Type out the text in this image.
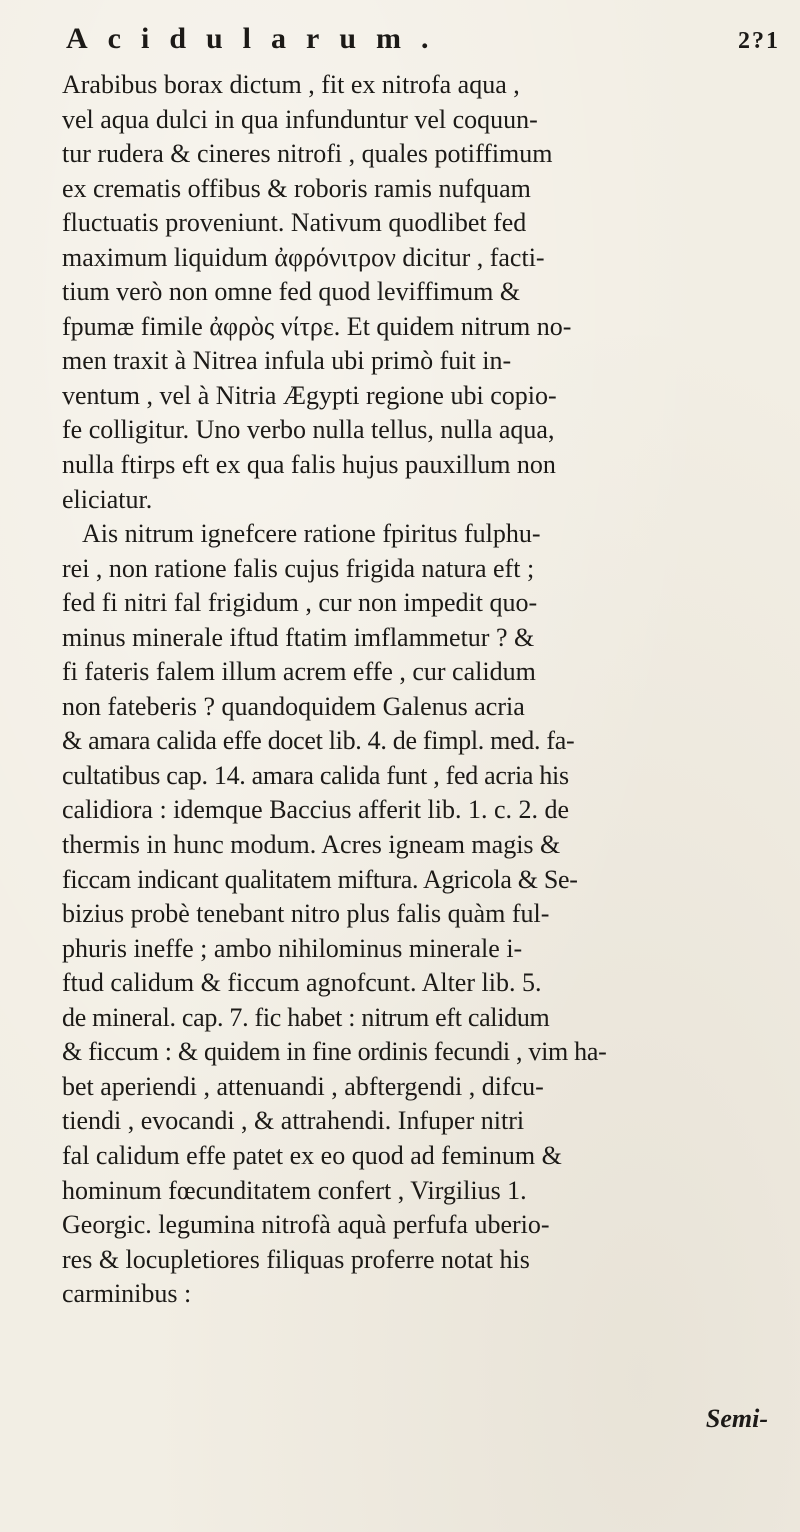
Acidularum.	2?1
Arabibus borax dictum , fit ex nitrofa aqua ,
vel aqua dulci in qua infunduntur vel coquun-
tur rudera & cineres nitrofi , quales potiffimum
ex crematis offibus & roboris ramis nufquam
fluctuatis proveniunt. Nativum quodlibet fed
maximum liquidum ἀφρόνιτρον dicitur , facti-
tium verò non omne fed quod leviffimum &
fpumæ fimile ἀφρὸς νίτρε. Et quidem nitrum no-
men traxit à Nitrea infula ubi primò fuit in-
ventum , vel à Nitria Ægypti regione ubi copio-
fe colligitur. Uno verbo nulla tellus, nulla aqua,
nulla ftirps eft ex qua falis hujus pauxillum non
eliciatur.
Ais nitrum ignefcere ratione fpiritus fulphu-
rei , non ratione falis cujus frigida natura eft ;
fed fi nitri fal frigidum , cur non impedit quo-
minus minerale iftud ftatim imflammetur ? &
fi fateris falem illum acrem effe , cur calidum
non fateberis ? quandoquidem Galenus acria
& amara calida effe docet lib. 4. de fimpl. med. fa-
cultatibus cap. 14. amara calida funt , fed acria his
calidiora : idemque Baccius afferit lib. 1. c. 2. de
thermis in hunc modum. Acres igneam magis &
ficcam indicant qualitatem miftura. Agricola & Se-
bizius probè tenebant nitro plus falis quàm ful-
phuris ineffe ; ambo nihilominus minerale i-
ftud calidum & ficcum agnofcunt. Alter lib. 5.
de mineral. cap. 7. fic habet : nitrum eft calidum
& ficcum : & quidem in fine ordinis fecundi , vim ha-
bet aperiendi , attenuandi , abftergendi , difcu-
tiendi , evocandi , & attrahendi. Infuper nitri
fal calidum effe patet ex eo quod ad feminum &
hominum fœcunditatem confert , Virgilius 1.
Georgic. legumina nitrofà aquà perfufa uberio-
res & locupletiores filiquas proferre notat his
carminibus :
Semi-
